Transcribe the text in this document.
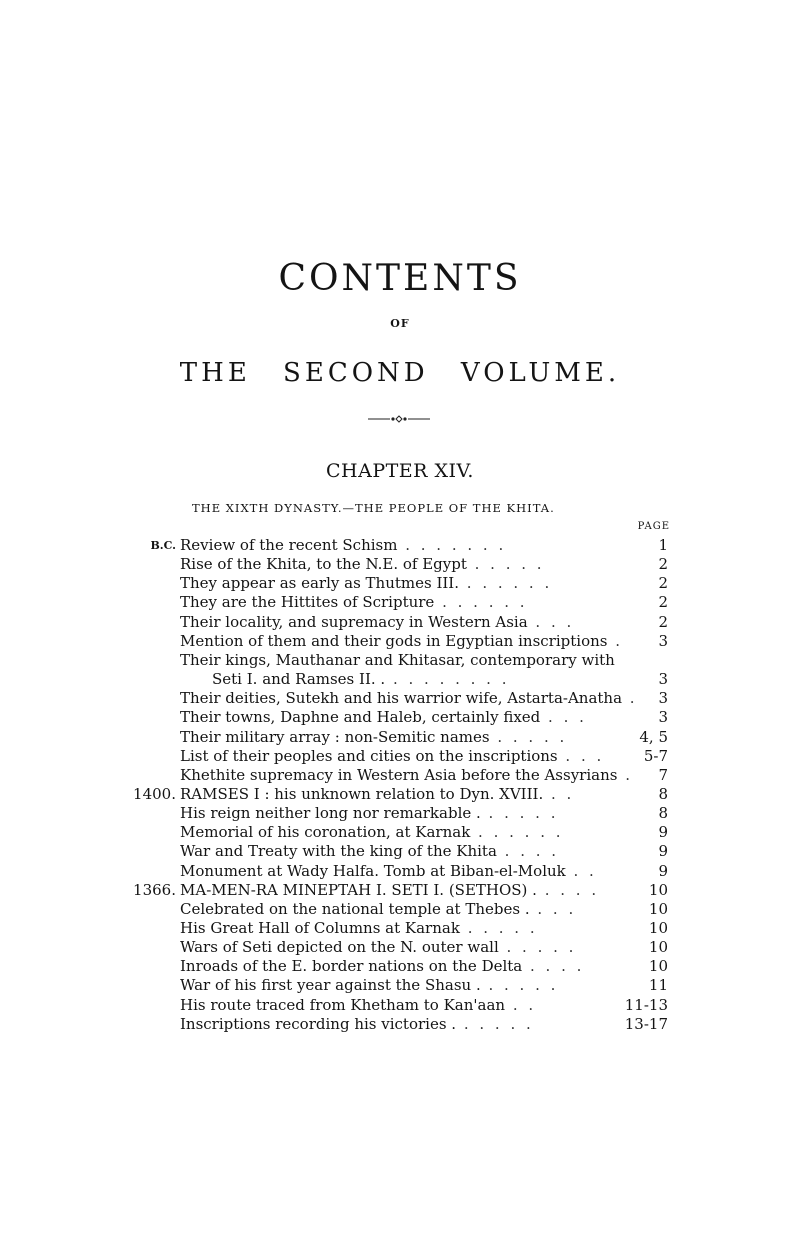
CONTENTS
OF
THE SECOND VOLUME.
CHAPTER XIV.
THE XIXTH DYNASTY.—THE PEOPLE OF THE KHITA.
PAGE
B.C. Review of the recent Schism . . . . . . .	1
Rise of the Khita, to the N.E. of Egypt . . . . .	2
They appear as early as Thutmes III. . . . . . .	2
They are the Hittites of Scripture . . . . . .	2
Their locality, and supremacy in Western Asia . . .	2
Mention of them and their gods in Egyptian inscriptions .	3
Their kings, Mauthanar and Khitasar, contemporary with
Seti I. and Ramses II. . . . . . . . . .	3
Their deities, Sutekh and his warrior wife, Astarta-Anatha .	3
Their towns, Daphne and Haleb, certainly fixed . . .	3
Their military array : non-Semitic names . . . . .	4, 5
List of their peoples and cities on the inscriptions . . .	5-7
Khethite supremacy in Western Asia before the Assyrians .	7
1400. RAMSES I : his unknown relation to Dyn. XVIII. . .	8
His reign neither long nor remarkable . . . . . .	8
Memorial of his coronation, at Karnak . . . . . .	9
War and Treaty with the king of the Khita . . . .	9
Monument at Wady Halfa. Tomb at Biban-el-Moluk . .	9
1366. MA-MEN-RA MINEPTAH I. SETI I. (SETHOS) . . . . .	10
Celebrated on the national temple at Thebes . . . .	10
His Great Hall of Columns at Karnak . . . . .	10
Wars of Seti depicted on the N. outer wall . . . . .	10
Inroads of the E. border nations on the Delta . . . .	10
War of his first year against the Shasu . . . . . .	11
His route traced from Khetham to Kan'aan . .	11-13
Inscriptions recording his victories . . . . . .	13-17
